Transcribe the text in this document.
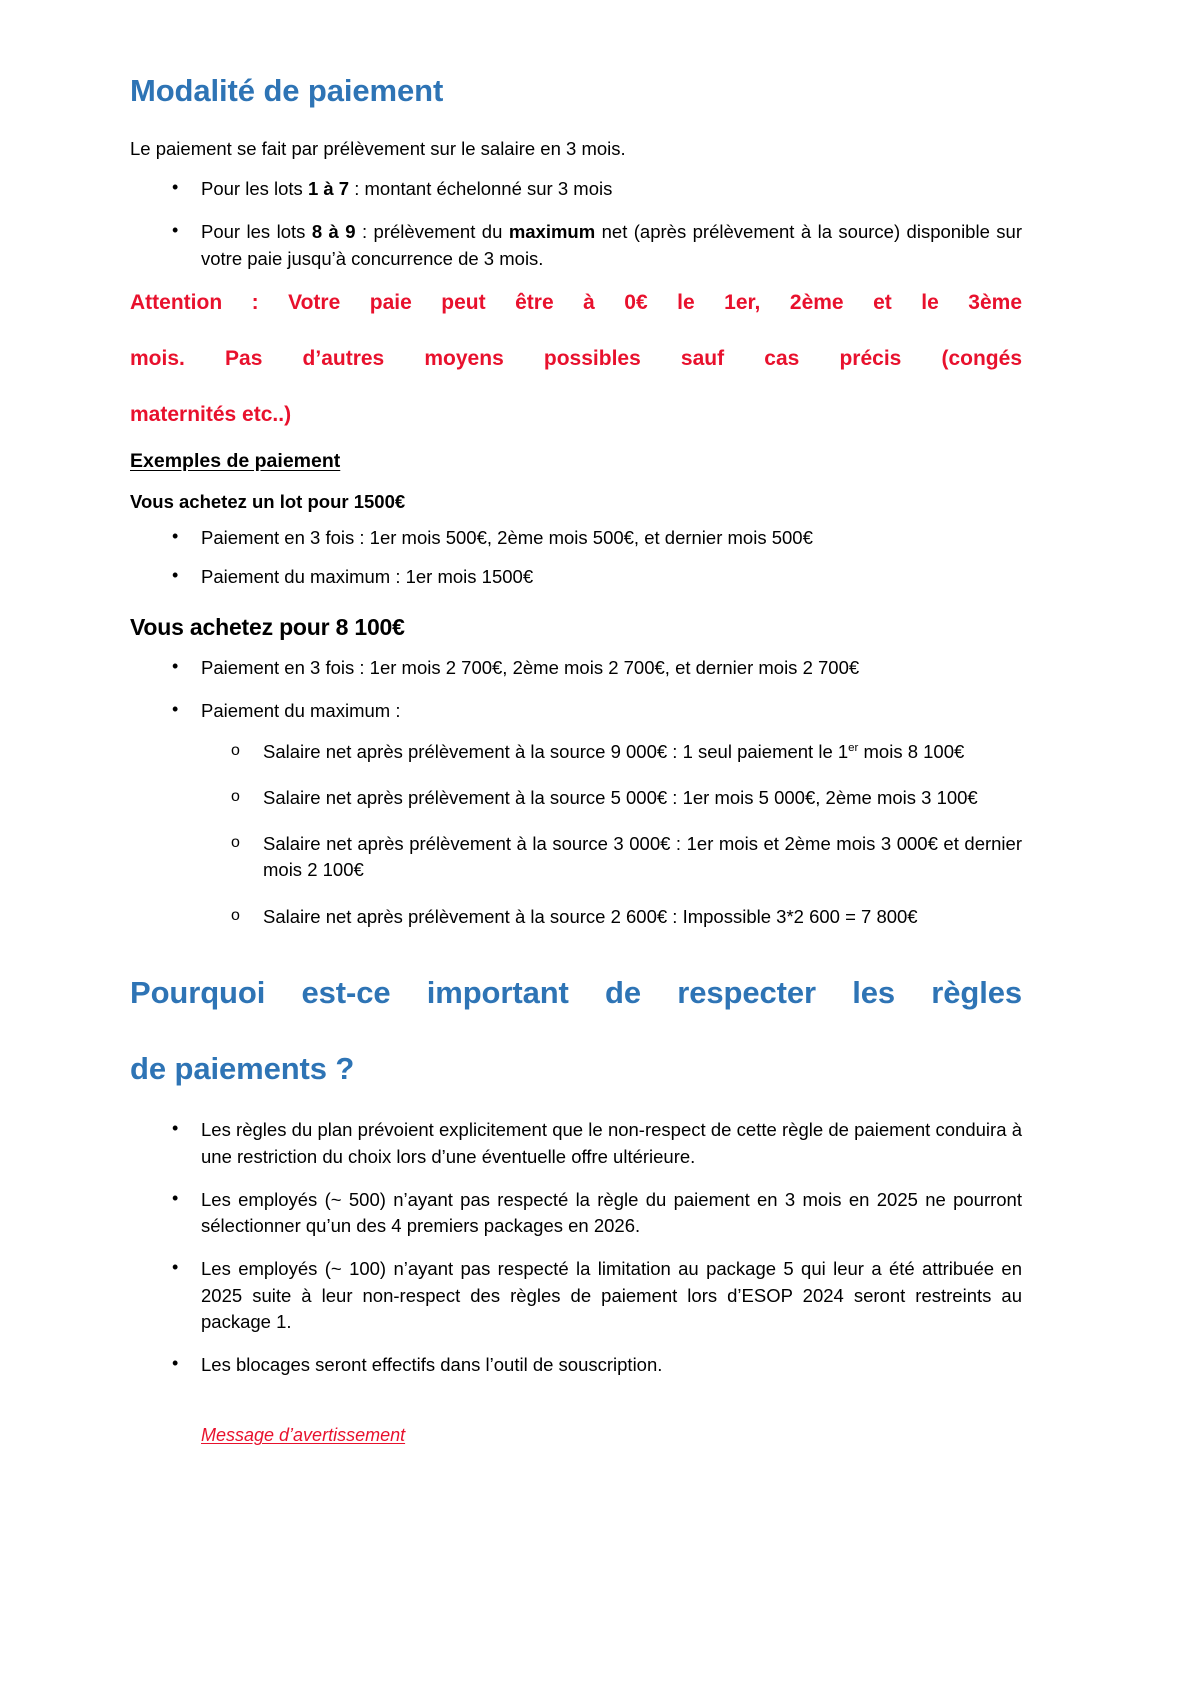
Modalité de paiement

Le paiement se fait par prélèvement sur le salaire en 3 mois.

• Pour les lots 1 à 7 : montant échelonné sur 3 mois
• Pour les lots 8 à 9 : prélèvement du maximum net (après prélèvement à la source) disponible sur votre paie jusqu’à concurrence de 3 mois.
Attention : Votre paie peut être à 0€ le 1er, 2ème et le 3ème
mois. Pas d’autres moyens possibles sauf cas précis (congés
maternités etc..)
Exemples de paiement
Vous achetez un lot pour 1500€
• Paiement en 3 fois : 1er mois 500€, 2ème mois 500€, et dernier mois 500€
• Paiement du maximum : 1er mois 1500€
Vous achetez pour 8 100€
• Paiement en 3 fois : 1er mois 2 700€, 2ème mois 2 700€, et dernier mois 2 700€
• Paiement du maximum :
o Salaire net après prélèvement à la source 9 000€ : 1 seul paiement le 1er mois 8 100€
o Salaire net après prélèvement à la source 5 000€ : 1er mois 5 000€, 2ème mois 3 100€
o Salaire net après prélèvement à la source 3 000€ : 1er mois et 2ème mois 3 000€ et dernier mois 2 100€
o Salaire net après prélèvement à la source 2 600€ : Impossible 3*2 600 = 7 800€
Pourquoi est-ce important de respecter les règles
de paiements ?
• Les règles du plan prévoient explicitement que le non-respect de cette règle de paiement conduira à une restriction du choix lors d’une éventuelle offre ultérieure.
• Les employés (~ 500) n’ayant pas respecté la règle du paiement en 3 mois en 2025 ne pourront sélectionner qu’un des 4 premiers packages en 2026.
• Les employés (~ 100) n’ayant pas respecté la limitation au package 5 qui leur a été attribuée en 2025 suite à leur non-respect des règles de paiement lors d’ESOP 2024 seront restreints au package 1.
• Les blocages seront effectifs dans l’outil de souscription.
Message d’avertissement
